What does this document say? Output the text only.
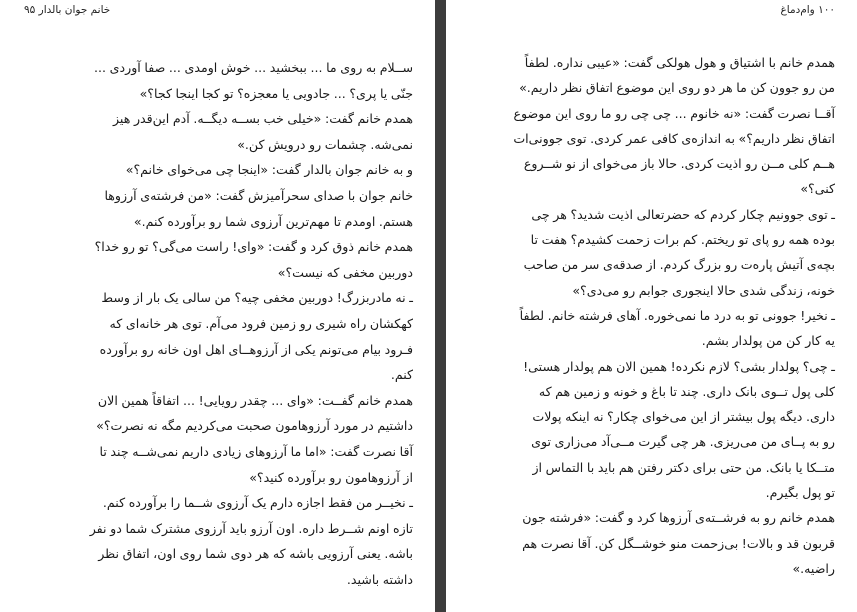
خانم جوان بالدار ۹۵

ســلام به روی ما ... ببخشید ... خوش اومدی ... صفا آوردی ...

جنّی یا پری؟ ... جادویی یا معجزه؟ تو کجا اینجا کجا؟»

همدم خانم گفت: «خیلی خب بســه دیگــه. آدم این‌قدر هیز

نمی‌شه. چشمات رو درویش کن.»

و به خانم جوان بالدار گفت: «اینجا چی می‌خوای خانم؟»

خانم جوان با صدای سحرآمیزش گفت: «من فرشته‌ی آرزوها

هستم. اومدم تا مهم‌ترین آرزوی شما رو برآورده کنم.»

همدم خانم ذوق کرد و گفت: «وای! راست می‌گی؟ تو رو خدا؟

دوربین مخفی که نیست؟»

ـ نه مادربزرگ! دوربین مخفی چیه؟ من سالی یک بار از وسط

کهکشان راه شیری رو زمین فرود می‌آم. توی هر خانه‌ای که

فـرود بیام می‌تونم یکی از آرزوهــای اهل اون خانه رو برآورده

کنم.

همدم خانم گفــت: «وای ... چقدر رویایی! ... اتفاقاً همین الان

داشتیم در مورد آرزوهامون صحبت می‌کردیم مگه نه نصرت؟»

آقا نصرت گفت: «اما ما آرزوهای زیادی داریم نمی‌شــه چند تا

از آرزوهامون رو برآورده کنید؟»

ـ نخیــر من فقط اجازه دارم یک آرزوی شــما را برآورده کنم.

تازه اونم شــرط داره. اون آرزو باید آرزوی مشترک شما دو نفر

باشه. یعنی آرزویی باشه که هر دوی شما روی اون، اتفاق نظر

داشته باشید.

۱۰۰ وام‌دماغ

همدم خانم با اشتیاق و هول هولکی گفت: «عیبی نداره. لطفاً

من رو جوون کن ما هر دو روی این موضوع اتفاق نظر داریم.»

آقــا نصرت گفت: «نه خانوم ... چی چی رو ما روی این موضوع

اتفاق نظر داریم؟» به اندازه‌ی کافی عمر کردی. توی جوونی‌ات

هــم کلی مــن رو اذیت کردی. حالا باز می‌خوای از نو شــروع

کنی؟»

ـ توی جوونیم چکار کردم که حضرتعالی اذیت شدید؟ هر چی

بوده همه رو پای تو ریختم. کم برات زحمت کشیدم؟ هفت تا

بچه‌ی آتیش پارەت رو بزرگ کردم. از صدقه‌ی سر من صاحب

خونه، زندگی شدی حالا اینجوری جوابم رو می‌دی؟»

ـ نخیر! جوونی تو به درد ما نمی‌خوره. آهای فرشته خانم. لطفاً

یه کار کن من پولدار بشم.

ـ چی؟ پولدار بشی؟ لازم نکرده! همین الان هم پولدار هستی!

کلی پول تــوی بانک داری. چند تا باغ و خونه و زمین هم که

داری. دیگه پول بیشتر از این می‌خوای چکار؟ نه اینکه پولات

رو به پــای من می‌ریزی. هر چی گیرت مــی‌آد می‌زاری توی

متــکا یا بانک. من حتی برای دکتر رفتن هم باید با التماس از

تو پول بگیرم.

همدم خانم رو به فرشــته‌ی آرزوها کرد و گفت: «فرشته جون

قربون قد و بالات! بی‌زحمت منو خوشــگل کن. آقا نصرت هم

راضیه.»
